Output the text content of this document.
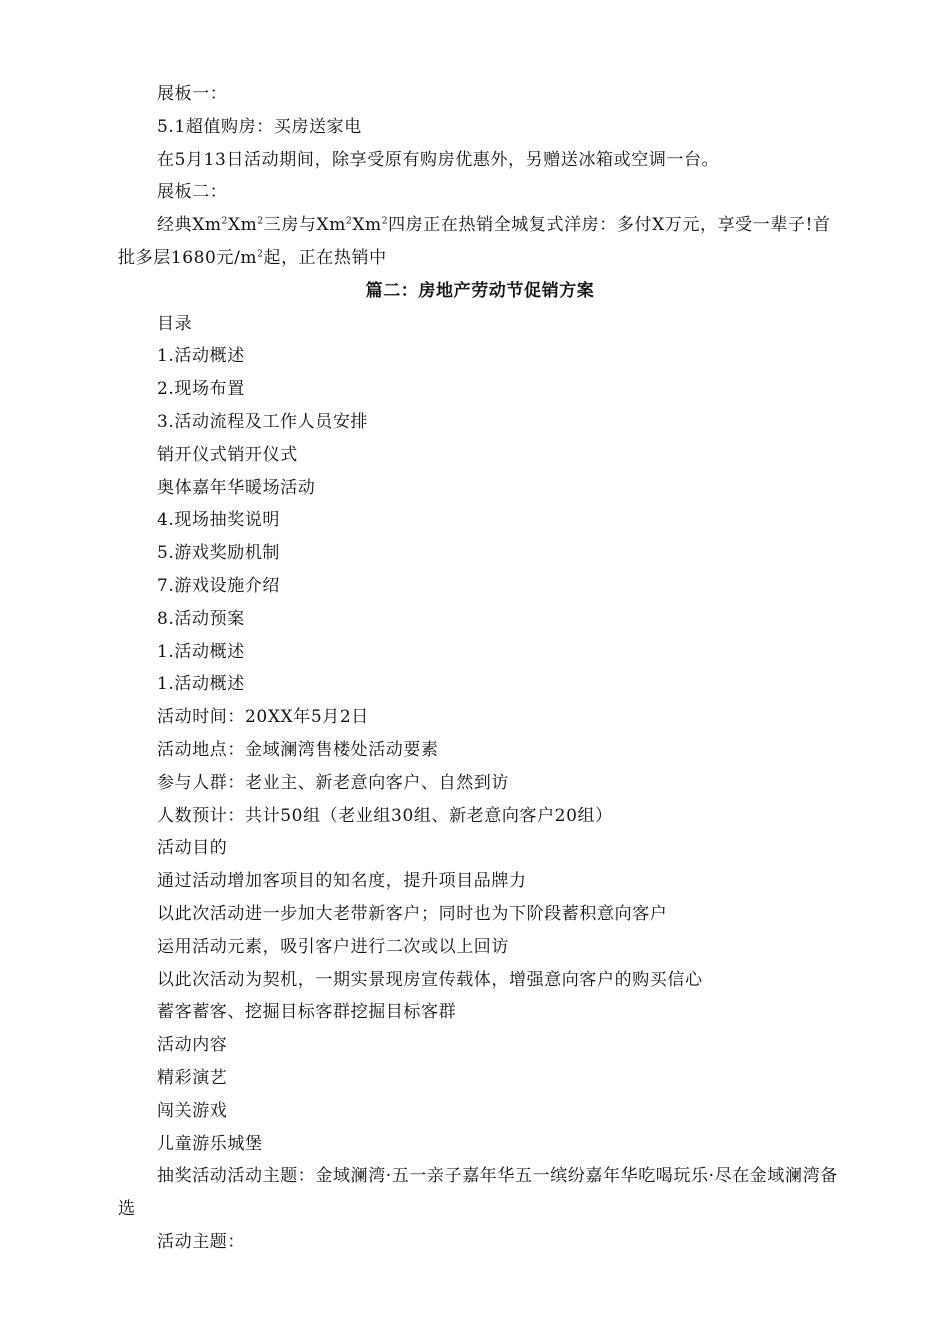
展板一：
5.1超值购房：买房送家电
在5月13日活动期间，除享受原有购房优惠外，另赠送冰箱或空调一台。
展板二：
经典Xm$^2$Xm$^2$三房与Xm$^2$Xm$^2$四房正在热销全城复式洋房：多付X万元，享受一辈子!首批多层1680元$/m^2$起，正在热销中
篇二：房地产劳动节促销方案
目录
1.活动概述
2.现场布置
3.活动流程及工作人员安排
销开仪式销开仪式
奥体嘉年华暖场活动
4.现场抽奖说明
5.游戏奖励机制
7.游戏设施介绍
8.活动预案
1.活动概述
1.活动概述
活动时间：20XX年5月2日
活动地点：金域澜湾售楼处活动要素
参与人群：老业主、新老意向客户、自然到访
人数预计：共计50组（老业组30组、新老意向客户20组）
活动目的
通过活动增加客项目的知名度，提升项目品牌力
以此次活动进一步加大老带新客户；同时也为下阶段蓄积意向客户
运用活动元素，吸引客户进行二次或以上回访
以此次活动为契机，一期实景现房宣传载体，增强意向客户的购买信心
蓄客蓄客、挖掘目标客群挖掘目标客群
活动内容
精彩演艺
闯关游戏
儿童游乐城堡
抽奖活动活动主题：金域澜湾·五一亲子嘉年华五一缤纷嘉年华吃喝玩乐·尽在金域澜湾备选
活动主题：
